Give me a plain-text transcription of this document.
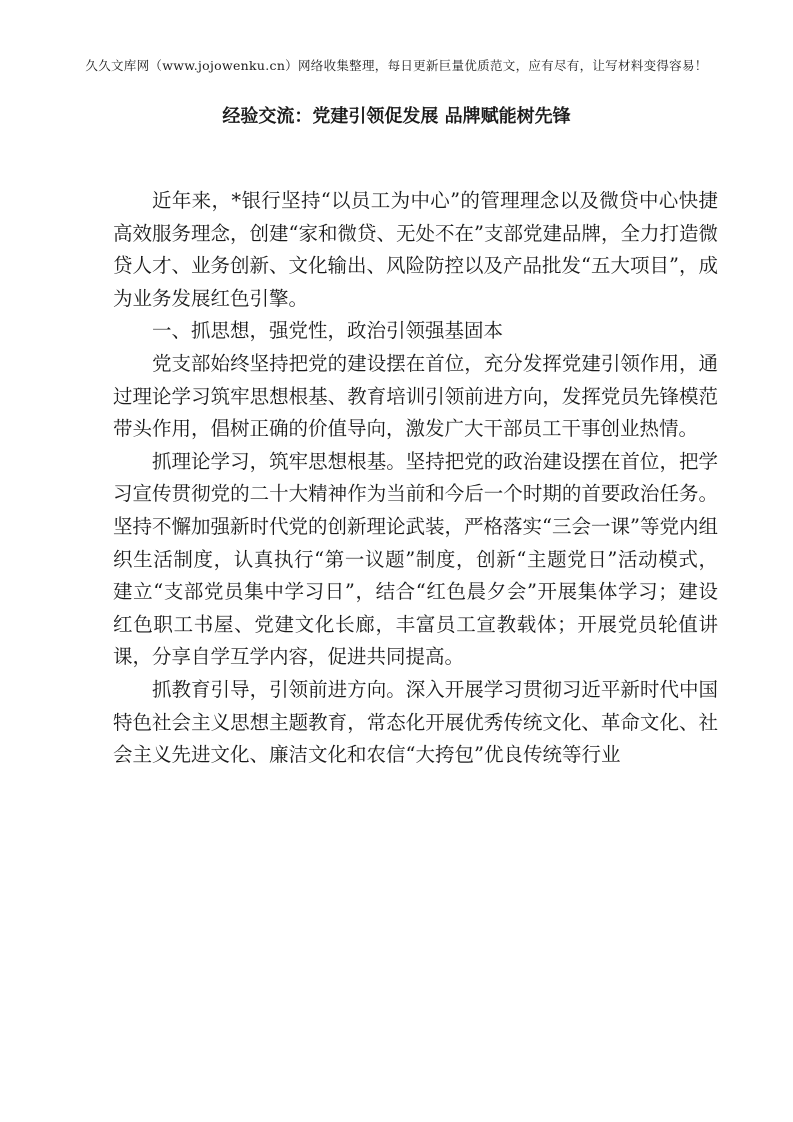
久久文库网（www.jojowenku.cn）网络收集整理，每日更新巨量优质范文，应有尽有，让写材料变得容易！
经验交流：党建引领促发展 品牌赋能树先锋

近年来，*银行坚持“以员工为中心”的管理理念以及微贷中心快捷高效服务理念，创建“家和微贷、无处不在”支部党建品牌，全力打造微贷人才、业务创新、文化输出、风险防控以及产品批发“五大项目”，成为业务发展红色引擎。

一、抓思想，强党性，政治引领强基固本

党支部始终坚持把党的建设摆在首位，充分发挥党建引领作用，通过理论学习筑牢思想根基、教育培训引领前进方向，发挥党员先锋模范带头作用，倡树正确的价值导向，激发广大干部员工干事创业热情。

抓理论学习，筑牢思想根基。坚持把党的政治建设摆在首位，把学习宣传贯彻党的二十大精神作为当前和今后一个时期的首要政治任务。坚持不懈加强新时代党的创新理论武装，严格落实“三会一课”等党内组织生活制度，认真执行“第一议题”制度，创新“主题党日”活动模式，建立“支部党员集中学习日”，结合“红色晨夕会”开展集体学习；建设红色职工书屋、党建文化长廊，丰富员工宣教载体；开展党员轮值讲课，分享自学互学内容，促进共同提高。

抓教育引导，引领前进方向。深入开展学习贯彻习近平新时代中国特色社会主义思想主题教育，常态化开展优秀传统文化、革命文化、社会主义先进文化、廉洁文化和农信“大挎包”优良传统等行业
